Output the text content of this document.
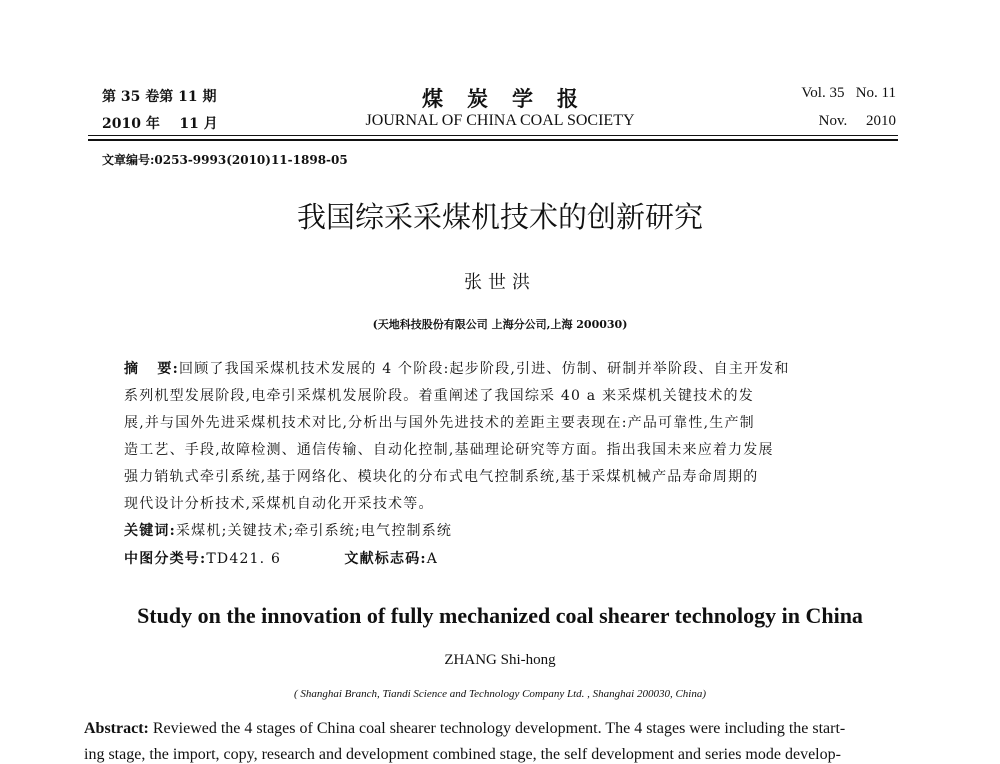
第 35 卷第 11 期
2010 年    11 月
煤炭学报
JOURNAL OF CHINA COAL SOCIETY
Vol. 35   No. 11
Nov.     2010
文章编号:0253-9993(2010)11-1898-05
我国综采采煤机技术的创新研究
张世洪
(天地科技股份有限公司 上海分公司,上海 200030)
摘   要:回顾了我国采煤机技术发展的 4 个阶段:起步阶段,引进、仿制、研制并举阶段、自主开发和
系列机型发展阶段,电牵引采煤机发展阶段。着重阐述了我国综采 40 a 来采煤机关键技术的发
展,并与国外先进采煤机技术对比,分析出与国外先进技术的差距主要表现在:产品可靠性,生产制
造工艺、手段,故障检测、通信传输、自动化控制,基础理论研究等方面。指出我国未来应着力发展
强力销轨式牵引系统,基于网络化、模块化的分布式电气控制系统,基于采煤机械产品寿命周期的
现代设计分析技术,采煤机自动化开采技术等。
关键词:采煤机;关键技术;牵引系统;电气控制系统
中图分类号:TD421. 6	文献标志码:A
Study on the innovation of fully mechanized coal shearer technology in China
ZHANG Shi-hong
( Shanghai Branch, Tiandi Science and Technology Company Ltd. , Shanghai 200030, China)
Abstract: Reviewed the 4 stages of China coal shearer technology development. The 4 stages were including the start-
ing stage, the import, copy, research and development combined stage, the self development and series mode develop-
